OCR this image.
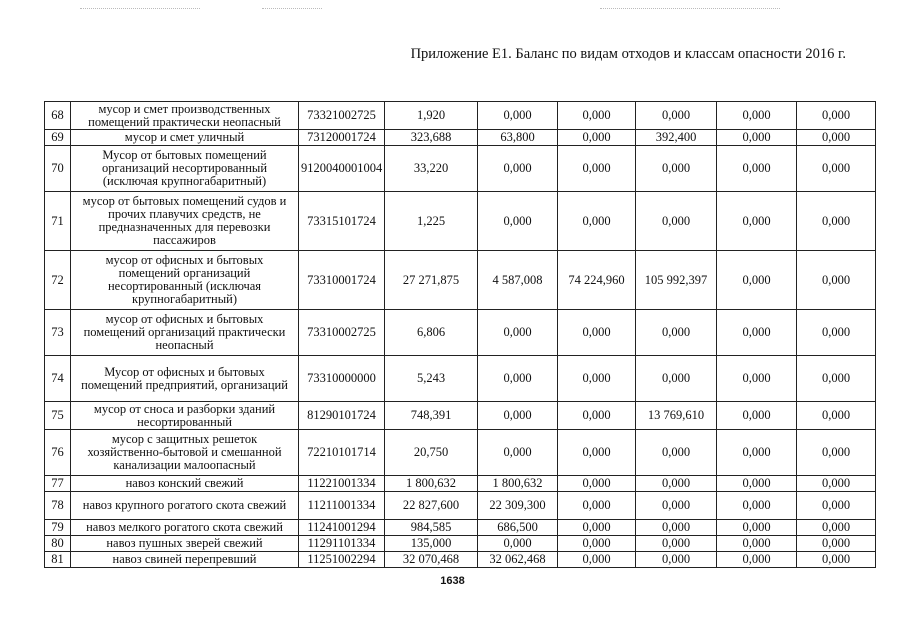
Приложение Е1. Баланс по видам отходов и классам опасности 2016 г.
68	мусор и смет производственных помещений практически неопасный	73321002725	1,920	0,000	0,000	0,000	0,000	0,000
69	мусор и смет уличный	73120001724	323,688	63,800	0,000	392,400	0,000	0,000
70	Мусор от бытовых помещений организаций несортированный (исключая крупногабаритный)	9120040001004	33,220	0,000	0,000	0,000	0,000	0,000
71	мусор от бытовых помещений судов и прочих плавучих средств, не предназначенных для перевозки пассажиров	73315101724	1,225	0,000	0,000	0,000	0,000	0,000
72	мусор от офисных и бытовых помещений организаций несортированный (исключая крупногабаритный)	73310001724	27 271,875	4 587,008	74 224,960	105 992,397	0,000	0,000
73	мусор от офисных и бытовых помещений организаций практически неопасный	73310002725	6,806	0,000	0,000	0,000	0,000	0,000
74	Мусор от офисных и бытовых помещений предприятий, организаций	73310000000	5,243	0,000	0,000	0,000	0,000	0,000
75	мусор от сноса и разборки зданий несортированный	81290101724	748,391	0,000	0,000	13 769,610	0,000	0,000
76	мусор с защитных решеток хозяйственно-бытовой и смешанной канализации малоопасный	72210101714	20,750	0,000	0,000	0,000	0,000	0,000
77	навоз конский свежий	11221001334	1 800,632	1 800,632	0,000	0,000	0,000	0,000
78	навоз крупного рогатого скота свежий	11211001334	22 827,600	22 309,300	0,000	0,000	0,000	0,000
79	навоз мелкого рогатого скота свежий	11241001294	984,585	686,500	0,000	0,000	0,000	0,000
80	навоз пушных зверей свежий	11291101334	135,000	0,000	0,000	0,000	0,000	0,000
81	навоз свиней перепревший	11251002294	32 070,468	32 062,468	0,000	0,000	0,000	0,000
1638
